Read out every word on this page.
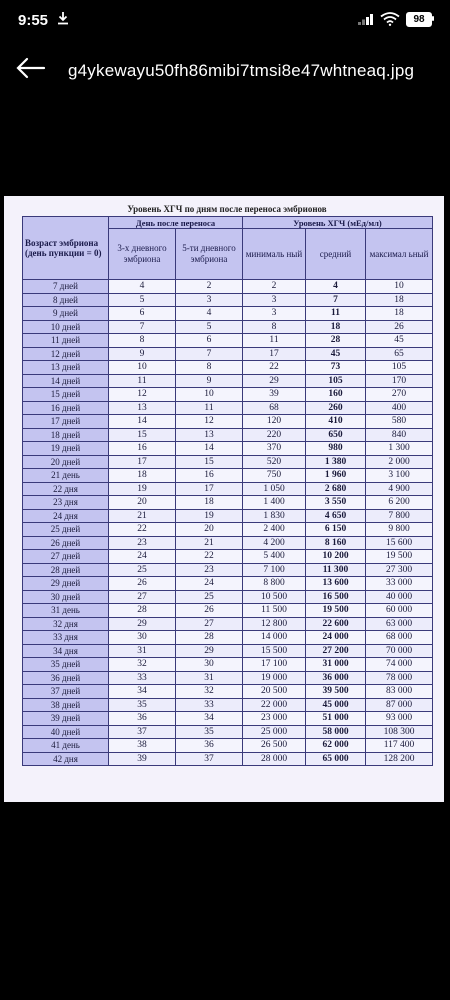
9:55	98
g4ykewayu50fh86mibi7tmsi8e47whtneaq.jpg
Уровень ХГЧ по дням после переноса эмбрионов
Возраст эмбриона (день пункции = 0)	День после переноса		Уровень ХГЧ (мЕд/мл)		
	3-х дневного эмбриона	5-ти дневного эмбриона	минималь ный	средний	максимал ьный
7 дней	4	2	2	4	10
8 дней	5	3	3	7	18
9 дней	6	4	3	11	18
10 дней	7	5	8	18	26
11 дней	8	6	11	28	45
12 дней	9	7	17	45	65
13 дней	10	8	22	73	105
14 дней	11	9	29	105	170
15 дней	12	10	39	160	270
16 дней	13	11	68	260	400
17 дней	14	12	120	410	580
18 дней	15	13	220	650	840
19 дней	16	14	370	980	1 300
20 дней	17	15	520	1 380	2 000
21 день	18	16	750	1 960	3 100
22 дня	19	17	1 050	2 680	4 900
23 дня	20	18	1 400	3 550	6 200
24 дня	21	19	1 830	4 650	7 800
25 дней	22	20	2 400	6 150	9 800
26 дней	23	21	4 200	8 160	15 600
27 дней	24	22	5 400	10 200	19 500
28 дней	25	23	7 100	11 300	27 300
29 дней	26	24	8 800	13 600	33 000
30 дней	27	25	10 500	16 500	40 000
31 день	28	26	11 500	19 500	60 000
32 дня	29	27	12 800	22 600	63 000
33 дня	30	28	14 000	24 000	68 000
34 дня	31	29	15 500	27 200	70 000
35 дней	32	30	17 100	31 000	74 000
36 дней	33	31	19 000	36 000	78 000
37 дней	34	32	20 500	39 500	83 000
38 дней	35	33	22 000	45 000	87 000
39 дней	36	34	23 000	51 000	93 000
40 дней	37	35	25 000	58 000	108 300
41 день	38	36	26 500	62 000	117 400
42 дня	39	37	28 000	65 000	128 200
